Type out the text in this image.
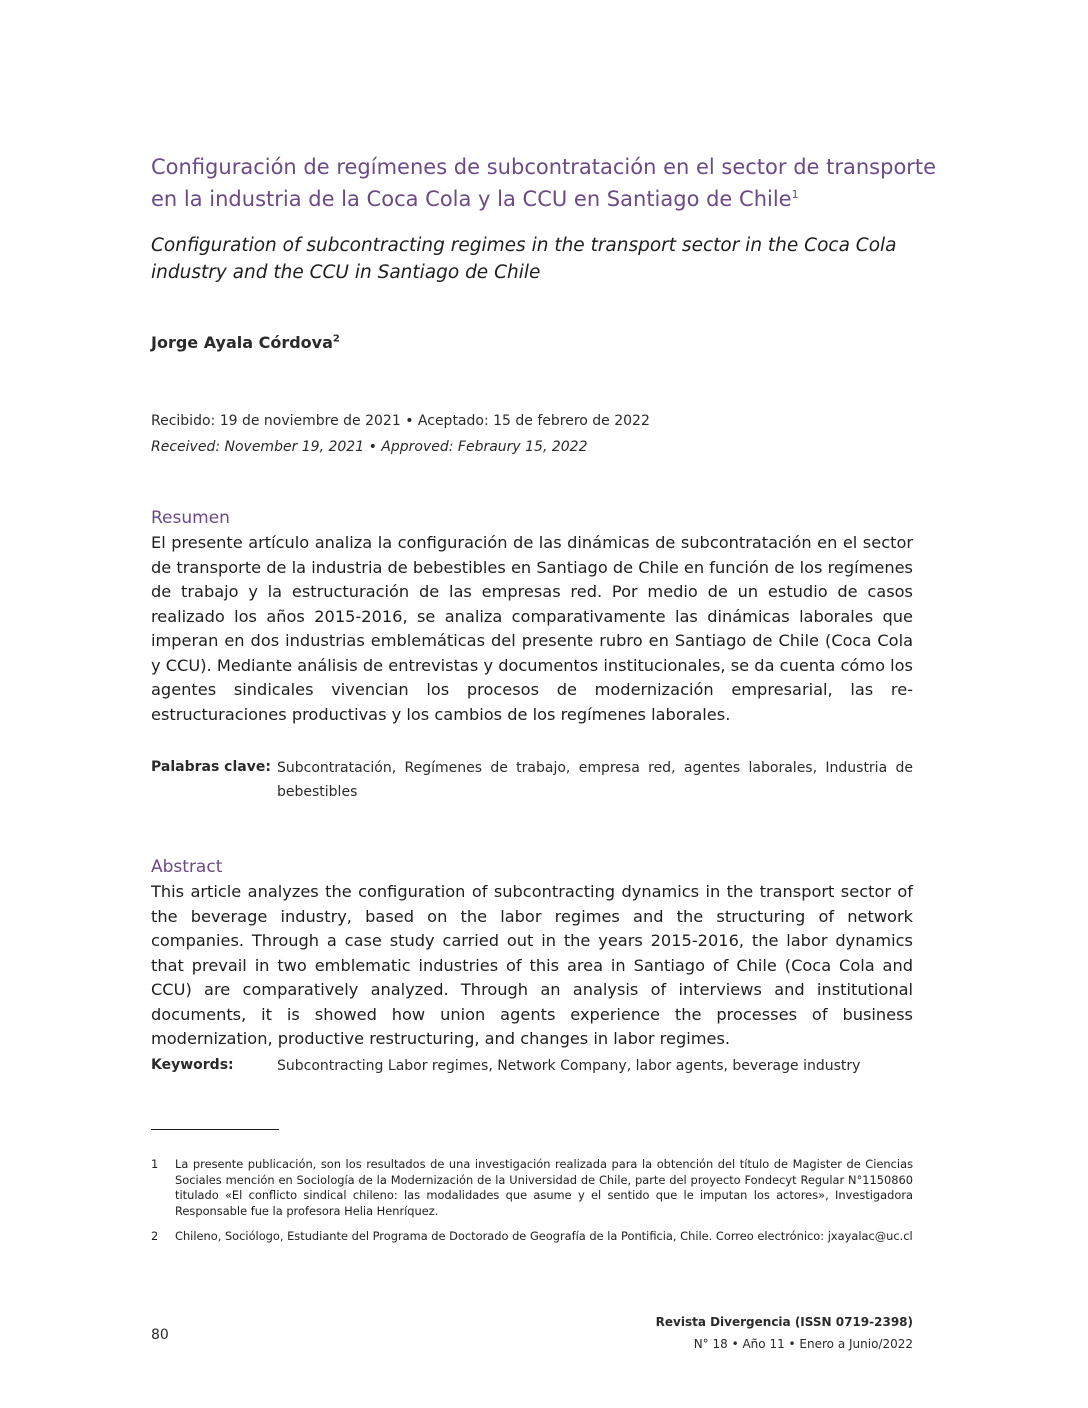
Configuración de regímenes de subcontratación en el sector de transporte en la industria de la Coca Cola y la CCU en Santiago de Chile$^1$
Configuration of subcontracting regimes in the transport sector in the Coca Cola industry and the CCU in Santiago de Chile
Jorge Ayala Córdova$^2$
Recibido: 19 de noviembre de 2021 • Aceptado: 15 de febrero de 2022
Received: November 19, 2021 • Approved: Febraury 15, 2022
Resumen

El presente artículo analiza la configuración de las dinámicas de subcontratación en el sector de transporte de la industria de bebestibles en Santiago de Chile en función de los regímenes de trabajo y la estructuración de las empresas red. Por medio de un estudio de casos realizado los años 2015-2016, se analiza comparativamente las dinámicas laborales que imperan en dos industrias emblemáticas del presente rubro en Santiago de Chile (Coca Cola y CCU). Mediante análisis de entrevistas y documentos institucionales, se da cuenta cómo los agentes sindicales vivencian los procesos de modernización empresarial, las re-estructuraciones productivas y los cambios de los regímenes laborales.

Palabras clave: Subcontratación, Regímenes de trabajo, empresa red, agentes laborales, Industria de bebestibles
Abstract

This article analyzes the configuration of subcontracting dynamics in the transport sector of the beverage industry, based on the labor regimes and the structuring of network companies. Through a case study carried out in the years 2015-2016, the labor dynamics that prevail in two emblematic industries of this area in Santiago of Chile (Coca Cola and CCU) are comparatively analyzed. Through an analysis of interviews and institutional documents, it is showed how union agents experience the processes of business modernization, productive restructuring, and changes in labor regimes.

Keywords:	Subcontracting Labor regimes, Network Company, labor agents, beverage industry
1	La presente publicación, son los resultados de una investigación realizada para la obtención del título de Magister de Ciencias Sociales mención en Sociología de la Modernización de la Universidad de Chile, parte del proyecto Fondecyt Regular N°1150860 titulado «El conflicto sindical chileno: las modalidades que asume y el sentido que le imputan los actores», Investigadora Responsable fue la profesora Helia Henríquez.
2	Chileno, Sociólogo, Estudiante del Programa de Doctorado de Geografía de la Pontificia, Chile. Correo electrónico: jxayalac@uc.cl
80
Revista Divergencia (ISSN 0719-2398)
N° 18 • Año 11 • Enero a Junio/2022
